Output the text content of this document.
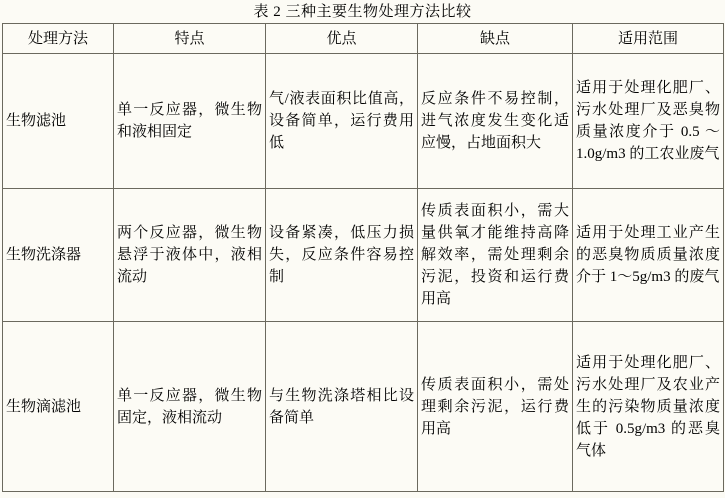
表 2 三种主要生物处理方法比较
处理方法	特点	优点	缺点	适用范围
生物滤池	单一反应器，微生物和液相固定	气/液表面积比值高，设备简单，运行费用低	反应条件不易控制，进气浓度发生变化适应慢，占地面积大	适用于处理化肥厂、污水处理厂及恶臭物质量浓度介于 0.5 ～ 1.0g/m3 的工农业废气
生物洗涤器	两个反应器，微生物悬浮于液体中，液相流动	设备紧凑，低压力损失，反应条件容易控制	传质表面积小，需大量供氧才能维持高降解效率，需处理剩余污泥，投资和运行费用高	适用于处理工业产生的恶臭物质质量浓度介于 1～5g/m3 的废气
生物滴滤池	单一反应器，微生物固定，液相流动	与生物洗涤塔相比设备简单	传质表面积小，需处理剩余污泥，运行费用高	适用于处理化肥厂、污水处理厂及农业产生的污染物质量浓度低于 0.5g/m3 的恶臭气体
